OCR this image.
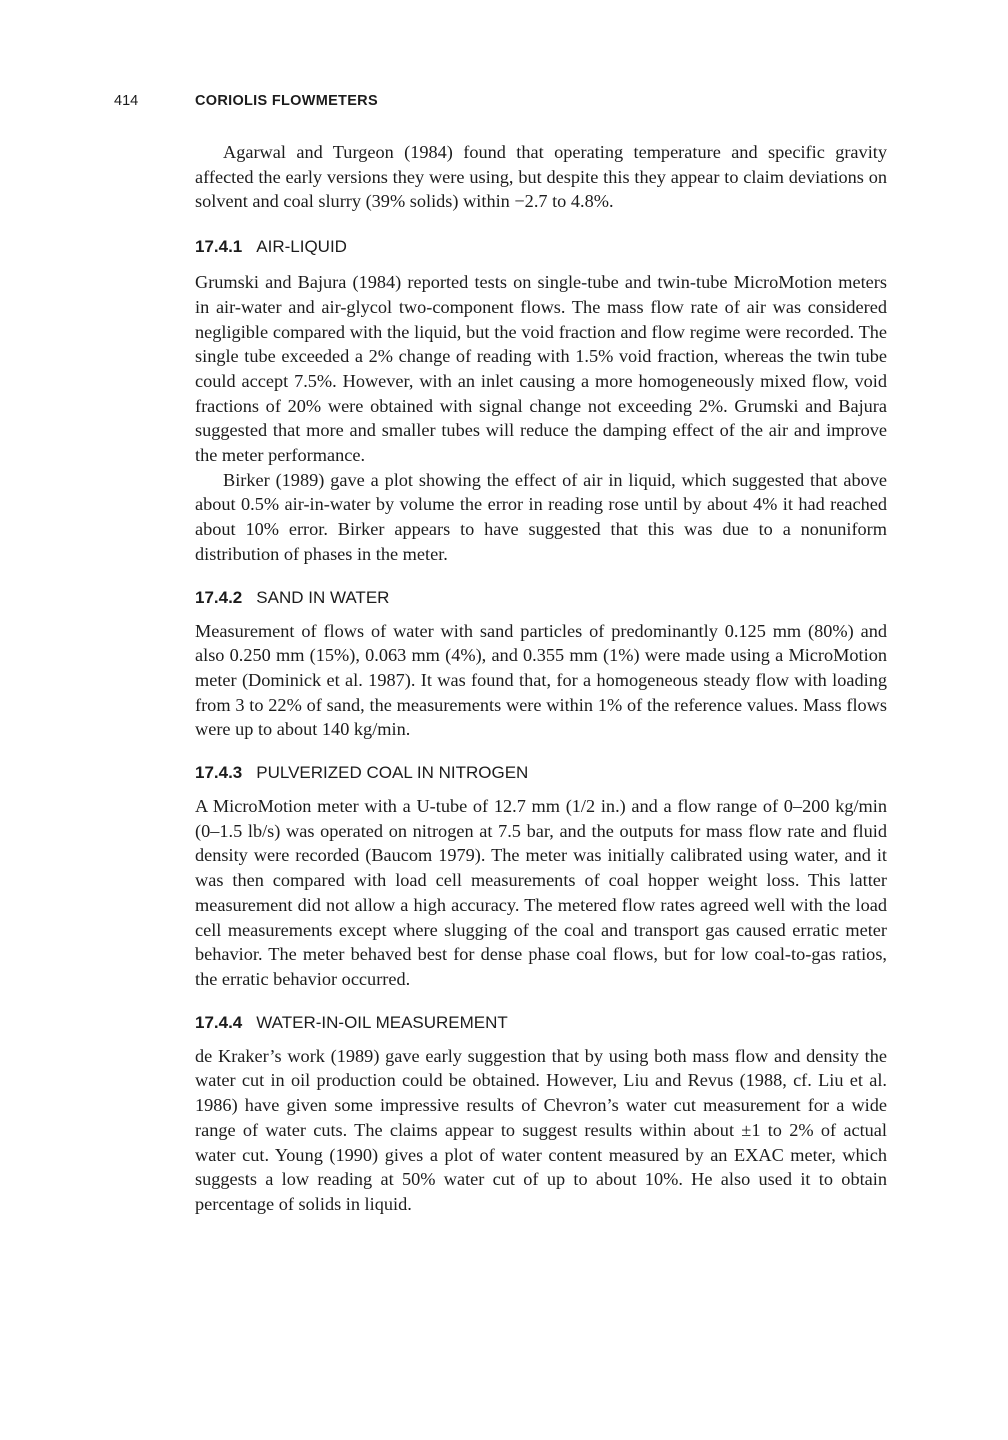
414	CORIOLIS FLOWMETERS

Agarwal and Turgeon (1984) found that operating temperature and specific gravity affected the early versions they were using, but despite this they appear to claim deviations on solvent and coal slurry (39% solids) within −2.7 to 4.8%.

17.4.1 AIR-LIQUID

Grumski and Bajura (1984) reported tests on single-tube and twin-tube MicroMotion meters in air-water and air-glycol two-component flows. The mass flow rate of air was considered negligible compared with the liquid, but the void fraction and flow regime were recorded. The single tube exceeded a 2% change of reading with 1.5% void fraction, whereas the twin tube could accept 7.5%. However, with an inlet causing a more homogeneously mixed flow, void fractions of 20% were obtained with signal change not exceeding 2%. Grumski and Bajura suggested that more and smaller tubes will reduce the damping effect of the air and improve the meter performance.

Birker (1989) gave a plot showing the effect of air in liquid, which suggested that above about 0.5% air-in-water by volume the error in reading rose until by about 4% it had reached about 10% error. Birker appears to have suggested that this was due to a nonuniform distribution of phases in the meter.

17.4.2 SAND IN WATER

Measurement of flows of water with sand particles of predominantly 0.125 mm (80%) and also 0.250 mm (15%), 0.063 mm (4%), and 0.355 mm (1%) were made using a MicroMotion meter (Dominick et al. 1987). It was found that, for a homogeneous steady flow with loading from 3 to 22% of sand, the measurements were within 1% of the reference values. Mass flows were up to about 140 kg/min.

17.4.3 PULVERIZED COAL IN NITROGEN

A MicroMotion meter with a U-tube of 12.7 mm (1/2 in.) and a flow range of 0–200 kg/min (0–1.5 lb/s) was operated on nitrogen at 7.5 bar, and the outputs for mass flow rate and fluid density were recorded (Baucom 1979). The meter was initially calibrated using water, and it was then compared with load cell measurements of coal hopper weight loss. This latter measurement did not allow a high accuracy. The metered flow rates agreed well with the load cell measurements except where slugging of the coal and transport gas caused erratic meter behavior. The meter behaved best for dense phase coal flows, but for low coal-to-gas ratios, the erratic behavior occurred.

17.4.4 WATER-IN-OIL MEASUREMENT

de Kraker’s work (1989) gave early suggestion that by using both mass flow and density the water cut in oil production could be obtained. However, Liu and Revus (1988, cf. Liu et al. 1986) have given some impressive results of Chevron’s water cut measurement for a wide range of water cuts. The claims appear to suggest results within about ±1 to 2% of actual water cut. Young (1990) gives a plot of water content measured by an EXAC meter, which suggests a low reading at 50% water cut of up to about 10%. He also used it to obtain percentage of solids in liquid.
